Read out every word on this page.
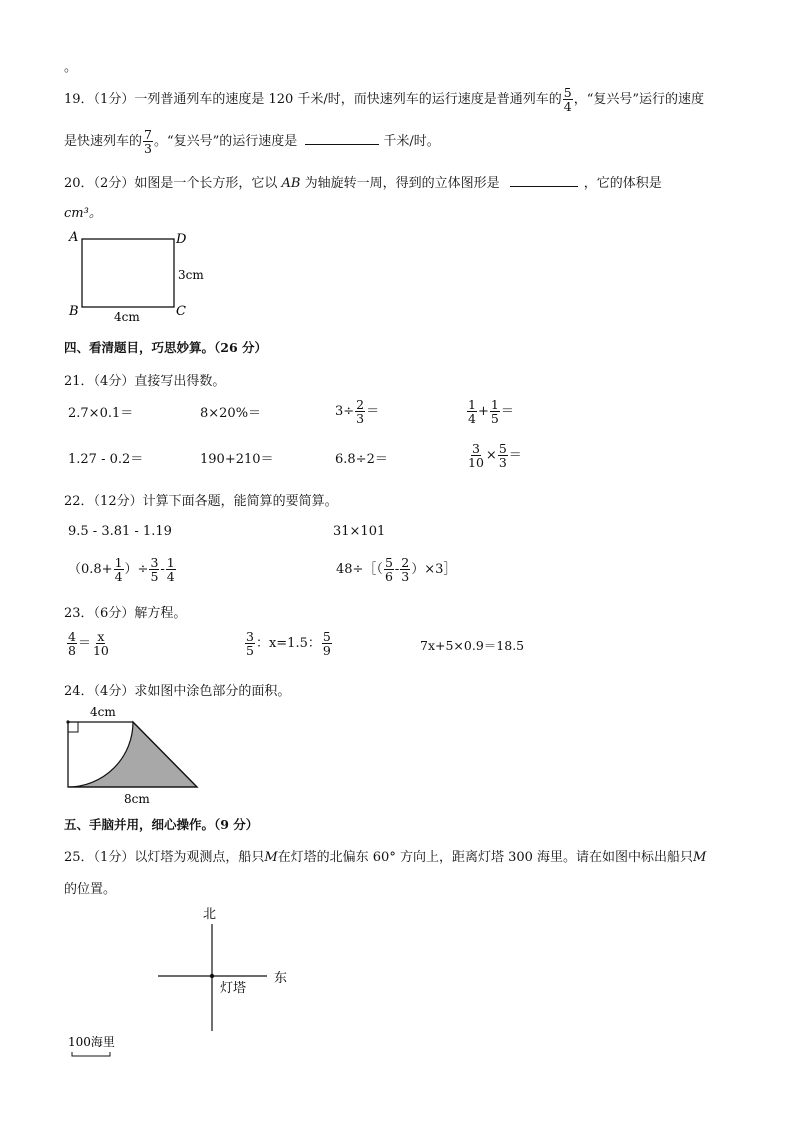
。
19．（1分）一列普通列车的速度是 120 千米/时，而快速列车的运行速度是普通列车的 $\frac{5}{4}$ ，“复兴号”运行的速度
是快速列车的 $\frac{7}{3}$ 。“复兴号”的运行速度是	千米/时。
20．（2分）如图是一个长方形，它以 AB 为轴旋转一周，得到的立体图形是	，它的体积是
cm³。
A	D
B	C
3cm
4cm
四、看清题目，巧思妙算。（26 分）
21．（4分）直接写出得数。
2.7×0.1＝	8×20%＝	$3\div \frac{2}{3}$ ＝	$\frac{1}{4} + \frac{1}{5}$ ＝
1.27 - 0.2＝	190+210＝	6.8÷2＝	$\frac{3}{10} \times \frac{5}{3}$ ＝
22．（12分）计算下面各题，能简算的要简算。
9.5 - 3.81 - 1.19	31×101
（$0.8+ \frac{1}{4}$ ）÷ $\frac{3}{5} - \frac{1}{4}$	48÷［（ $\frac{5}{6} - \frac{2}{3}$ ）×3］
23．（6分）解方程。
$\frac{4}{8} = \frac{x}{10}$	$\frac{3}{5}$ ：x=1.5： $\frac{5}{9}$	7x+5×0.9＝18.5
24．（4分）求如图中涂色部分的面积。
4cm
8cm
五、手脑并用，细心操作。（9 分）
25．（1分）以灯塔为观测点，船只M在灯塔的北偏东 60° 方向上，距离灯塔 300 海里。请在如图中标出船只M
的位置。
北
东
灯塔
100海里
